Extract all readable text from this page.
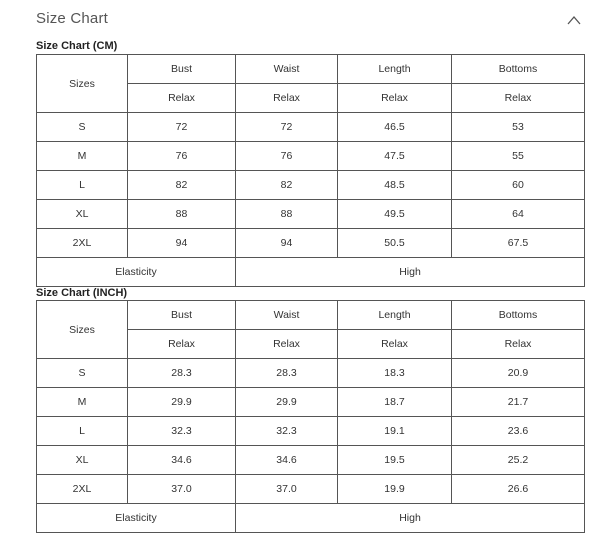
Size Chart
Size Chart (CM)
Sizes	Bust	Waist	Length	Bottoms
	Relax	Relax	Relax	Relax
S	72	72	46.5	53
M	76	76	47.5	55
L	82	82	48.5	60
XL	88	88	49.5	64
2XL	94	94	50.5	67.5
Elasticity		High		
Size Chart (INCH)
Sizes	Bust	Waist	Length	Bottoms
	Relax	Relax	Relax	Relax
S	28.3	28.3	18.3	20.9
M	29.9	29.9	18.7	21.7
L	32.3	32.3	19.1	23.6
XL	34.6	34.6	19.5	25.2
2XL	37.0	37.0	19.9	26.6
Elasticity		High		
